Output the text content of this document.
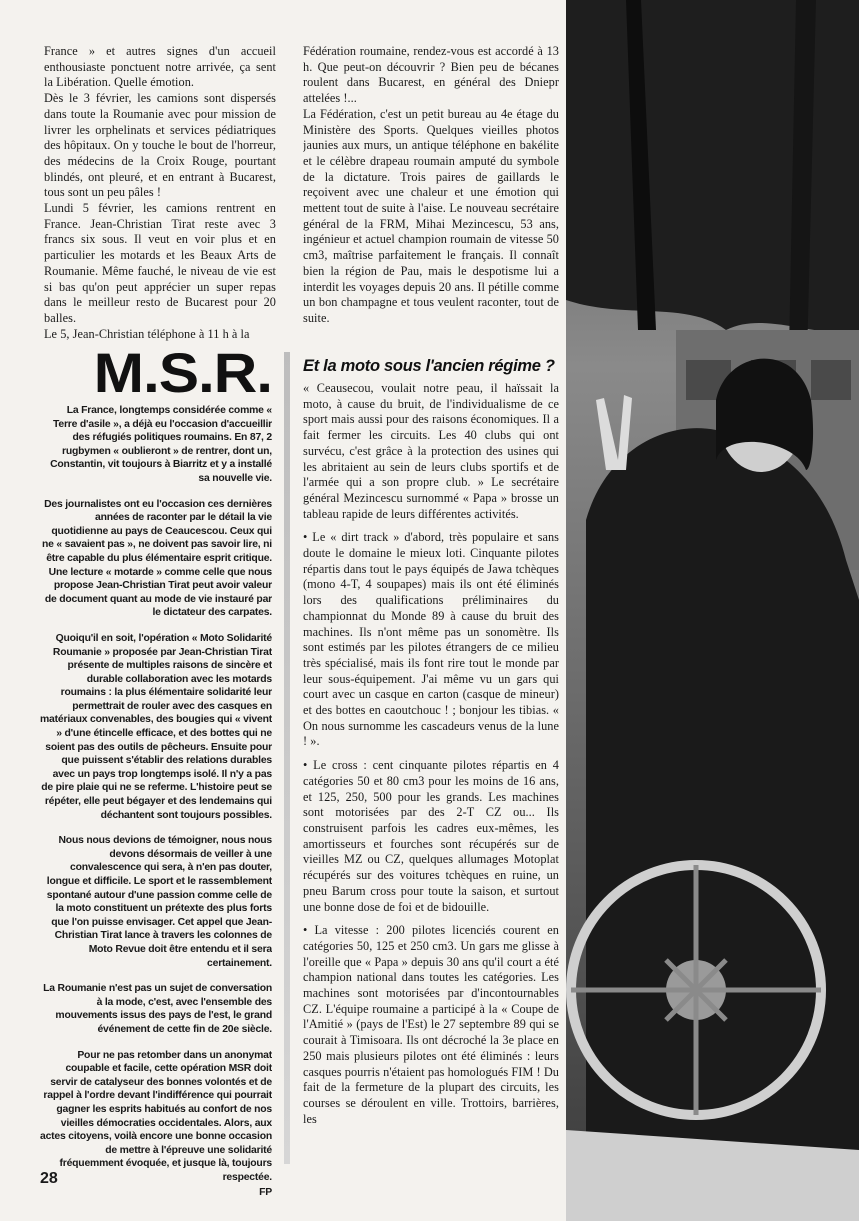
France » et autres signes d'un accueil enthousiaste ponctuent notre arrivée, ça sent la Libération. Quelle émotion.

Dès le 3 février, les camions sont dispersés dans toute la Roumanie avec pour mission de livrer les orphelinats et services pédiatriques des hôpitaux. On y touche le bout de l'horreur, des médecins de la Croix Rouge, pourtant blindés, ont pleuré, et en entrant à Bucarest, tous sont un peu pâles !

Lundi 5 février, les camions rentrent en France. Jean-Christian Tirat reste avec 3 francs six sous. Il veut en voir plus et en particulier les motards et les Beaux Arts de Roumanie. Même fauché, le niveau de vie est si bas qu'on peut apprécier un super repas dans le meilleur resto de Bucarest pour 20 balles.

Le 5, Jean-Christian téléphone à 11 h à la

M.S.R.

La France, longtemps considérée comme « Terre d'asile », a déjà eu l'occasion d'accueillir des réfugiés politiques roumains. En 87, 2 rugbymen « oublieront » de rentrer, dont un, Constantin, vit toujours à Biarritz et y a installé sa nouvelle vie.

Des journalistes ont eu l'occasion ces dernières années de raconter par le détail la vie quotidienne au pays de Ceaucescou. Ceux qui ne « savaient pas », ne doivent pas savoir lire, ni être capable du plus élémentaire esprit critique. Une lecture « motarde » comme celle que nous propose Jean-Christian Tirat peut avoir valeur de document quant au mode de vie instauré par le dictateur des carpates.

Quoiqu'il en soit, l'opération « Moto Solidarité Roumanie » proposée par Jean-Christian Tirat présente de multiples raisons de sincère et durable collaboration avec les motards roumains : la plus élémentaire solidarité leur permettrait de rouler avec des casques en matériaux convenables, des bougies qui « vivent » d'une étincelle efficace, et des bottes qui ne soient pas des outils de pêcheurs. Ensuite pour que puissent s'établir des relations durables avec un pays trop longtemps isolé. Il n'y a pas de pire plaie qui ne se referme. L'histoire peut se répéter, elle peut bégayer et des lendemains qui déchantent sont toujours possibles.

Nous nous devions de témoigner, nous nous devons désormais de veiller à une convalescence qui sera, à n'en pas douter, longue et difficile. Le sport et le rassemblement spontané autour d'une passion comme celle de la moto constituent un prétexte des plus forts que l'on puisse envisager. Cet appel que Jean-Christian Tirat lance à travers les colonnes de Moto Revue doit être entendu et il sera certainement.

La Roumanie n'est pas un sujet de conversation à la mode, c'est, avec l'ensemble des mouvements issus des pays de l'est, le grand événement de cette fin de 20e siècle.

Pour ne pas retomber dans un anonymat coupable et facile, cette opération MSR doit servir de catalyseur des bonnes volontés et de rappel à l'ordre devant l'indifférence qui pourrait gagner les esprits habitués au confort de nos vieilles démocraties occidentales. Alors, aux actes citoyens, voilà encore une bonne occasion de mettre à l'épreuve une solidarité fréquemment évoquée, et jusque là, toujours respectée.

FP

Fédération roumaine, rendez-vous est accordé à 13 h. Que peut-on découvrir ? Bien peu de bécanes roulent dans Bucarest, en général des Dniepr attelées !...

La Fédération, c'est un petit bureau au 4e étage du Ministère des Sports. Quelques vieilles photos jaunies aux murs, un antique téléphone en bakélite et le célèbre drapeau roumain amputé du symbole de la dictature. Trois paires de gaillards le reçoivent avec une chaleur et une émotion qui mettent tout de suite à l'aise. Le nouveau secrétaire général de la FRM, Mihai Mezincescu, 53 ans, ingénieur et actuel champion roumain de vitesse 50 cm3, maîtrise parfaitement le français. Il connaît bien la région de Pau, mais le despotisme lui a interdit les voyages depuis 20 ans. Il pétille comme un bon champagne et tous veulent raconter, tout de suite.

Et la moto sous l'ancien régime ?

« Ceausecou, voulait notre peau, il haïssait la moto, à cause du bruit, de l'individualisme de ce sport mais aussi pour des raisons économiques. Il a fait fermer les circuits. Les 40 clubs qui ont survécu, c'est grâce à la protection des usines qui les abritaient au sein de leurs clubs sportifs et de l'armée qui a son propre club. » Le secrétaire général Mezincescu surnommé « Papa » brosse un tableau rapide de leurs différentes activités.

• Le « dirt track » d'abord, très populaire et sans doute le domaine le mieux loti. Cinquante pilotes répartis dans tout le pays équipés de Jawa tchèques (mono 4-T, 4 soupapes) mais ils ont été éliminés lors des qualifications préliminaires du championnat du Monde 89 à cause du bruit des machines. Ils n'ont même pas un sonomètre. Ils sont estimés par les pilotes étrangers de ce milieu très spécialisé, mais ils font rire tout le monde par leur sous-équipement. J'ai même vu un gars qui court avec un casque en carton (casque de mineur) et des bottes en caoutchouc ! ; bonjour les tibias. « On nous surnomme les cascadeurs venus de la lune ! ».

• Le cross : cent cinquante pilotes répartis en 4 catégories 50 et 80 cm3 pour les moins de 16 ans, et 125, 250, 500 pour les grands. Les machines sont motorisées par des 2-T CZ ou... Ils construisent parfois les cadres eux-mêmes, les amortisseurs et fourches sont récupérés sur de vieilles MZ ou CZ, quelques allumages Motoplat récupérés sur des voitures tchèques en ruine, un pneu Barum cross pour toute la saison, et surtout une bonne dose de foi et de bidouille.

• La vitesse : 200 pilotes licenciés courent en catégories 50, 125 et 250 cm3. Un gars me glisse à l'oreille que « Papa » depuis 30 ans qu'il court a été champion national dans toutes les catégories. Les machines sont motorisées par d'incontournables CZ. L'équipe roumaine a participé à la « Coupe de l'Amitié » (pays de l'Est) le 27 septembre 89 qui se courait à Timisoara. Ils ont décroché la 3e place en 250 mais plusieurs pilotes ont été éliminés : leurs casques pourris n'étaient pas homologués FIM ! Du fait de la fermeture de la plupart des circuits, les courses se déroulent en ville. Trottoirs, barrières, les

28
